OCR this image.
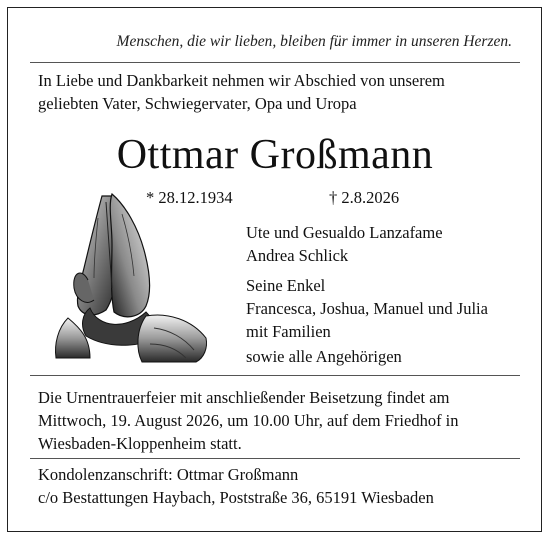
Menschen, die wir lieben, bleiben für immer in unseren Herzen.
In Liebe und Dankbarkeit nehmen wir Abschied von unserem
geliebten Vater, Schwiegervater, Opa und Uropa
Ottmar Großmann
* 28.12.1934	† 2.8.2026
Ute und Gesualdo Lanzafame
Andrea Schlick
Seine Enkel
Francesca, Joshua, Manuel und Julia
mit Familien
sowie alle Angehörigen
Die Urnentrauerfeier mit anschließender Beisetzung findet am
Mittwoch, 19. August 2026, um 10.00 Uhr, auf dem Friedhof in
Wiesbaden-Kloppenheim statt.
Kondolenzanschrift: Ottmar Großmann
c/o Bestattungen Haybach, Poststraße 36, 65191 Wiesbaden
